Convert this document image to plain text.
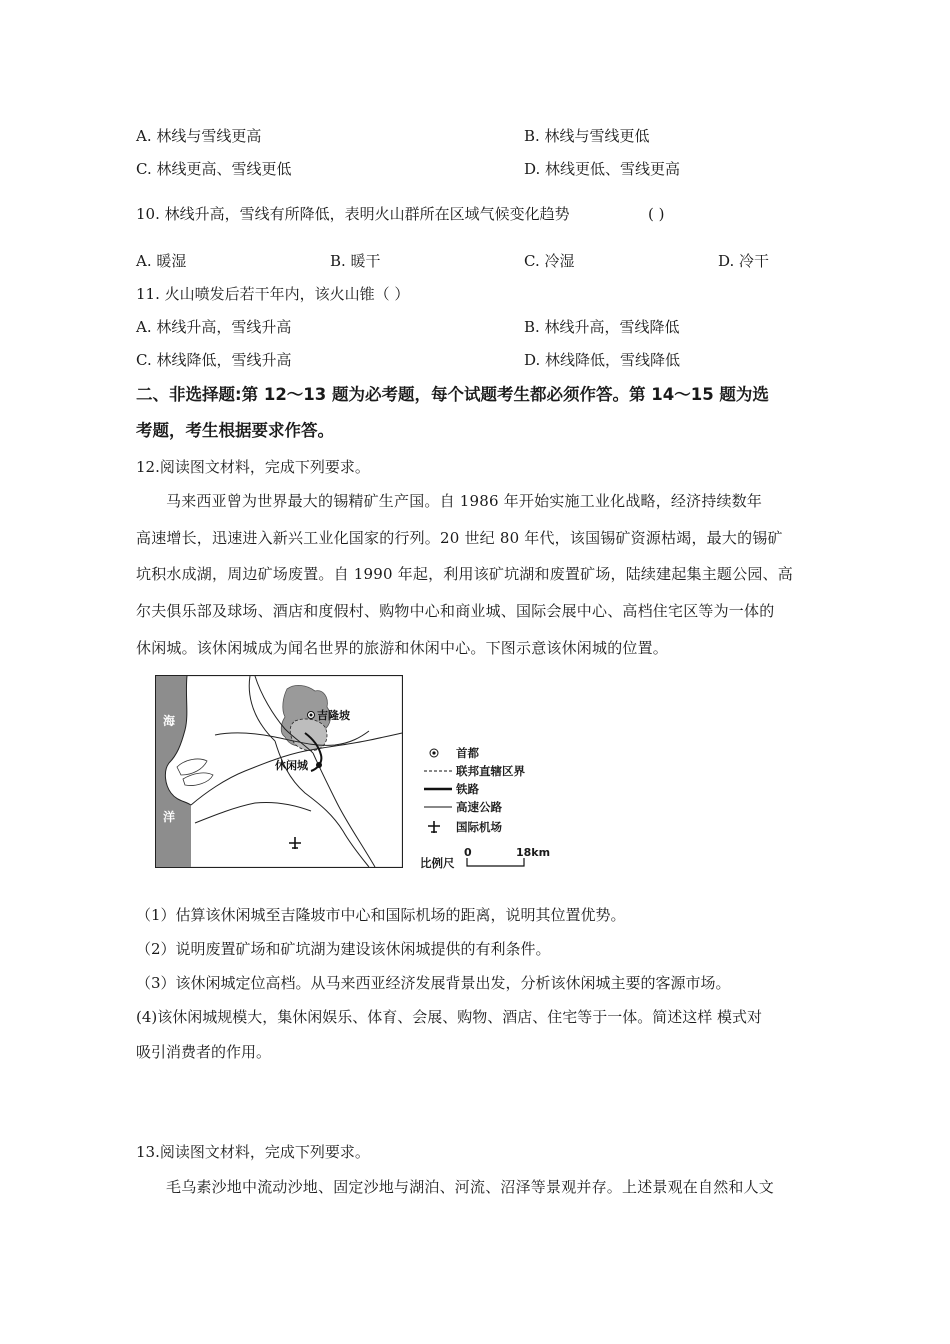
A. 林线与雪线更高	B. 林线与雪线更低
C. 林线更高、雪线更低	D. 林线更低、雪线更高
10. 林线升高，雪线有所降低，表明火山群所在区域气候变化趋势	( )
A. 暖湿	B. 暖干	C. 冷湿	D. 冷干
11. 火山喷发后若干年内，该火山锥（ ）
A. 林线升高，雪线升高	B. 林线升高，雪线降低
C. 林线降低，雪线升高	D. 林线降低，雪线降低
二、非选择题:第 12～13 题为必考题，每个试题考生都必须作答。第 14～15 题为选
考题，考生根据要求作答。
12.阅读图文材料，完成下列要求。
马来西亚曾为世界最大的锡精矿生产国。自 1986 年开始实施工业化战略，经济持续数年
高速增长，迅速进入新兴工业化国家的行列。20 世纪 80 年代，该国锡矿资源枯竭，最大的锡矿
坑积水成湖，周边矿场废置。自 1990 年起，利用该矿坑湖和废置矿场，陆续建起集主题公园、高
尔夫俱乐部及球场、酒店和度假村、购物中心和商业城、国际会展中心、高档住宅区等为一体的
休闲城。该休闲城成为闻名世界的旅游和休闲中心。下图示意该休闲城的位置。
海
洋
吉隆坡
休闲城
首都
联邦直辖区界
铁路
高速公路
国际机场
比例尺
0	18km
（1）估算该休闲城至吉隆坡市中心和国际机场的距离，说明其位置优势。
（2）说明废置矿场和矿坑湖为建设该休闲城提供的有利条件。
（3）该休闲城定位高档。从马来西亚经济发展背景出发，分析该休闲城主要的客源市场。
(4)该休闲城规模大，集休闲娱乐、体育、会展、购物、酒店、住宅等于一体。简述这样 模式对
吸引消费者的作用。
13.阅读图文材料，完成下列要求。
毛乌素沙地中流动沙地、固定沙地与湖泊、河流、沼泽等景观并存。上述景观在自然和人文
